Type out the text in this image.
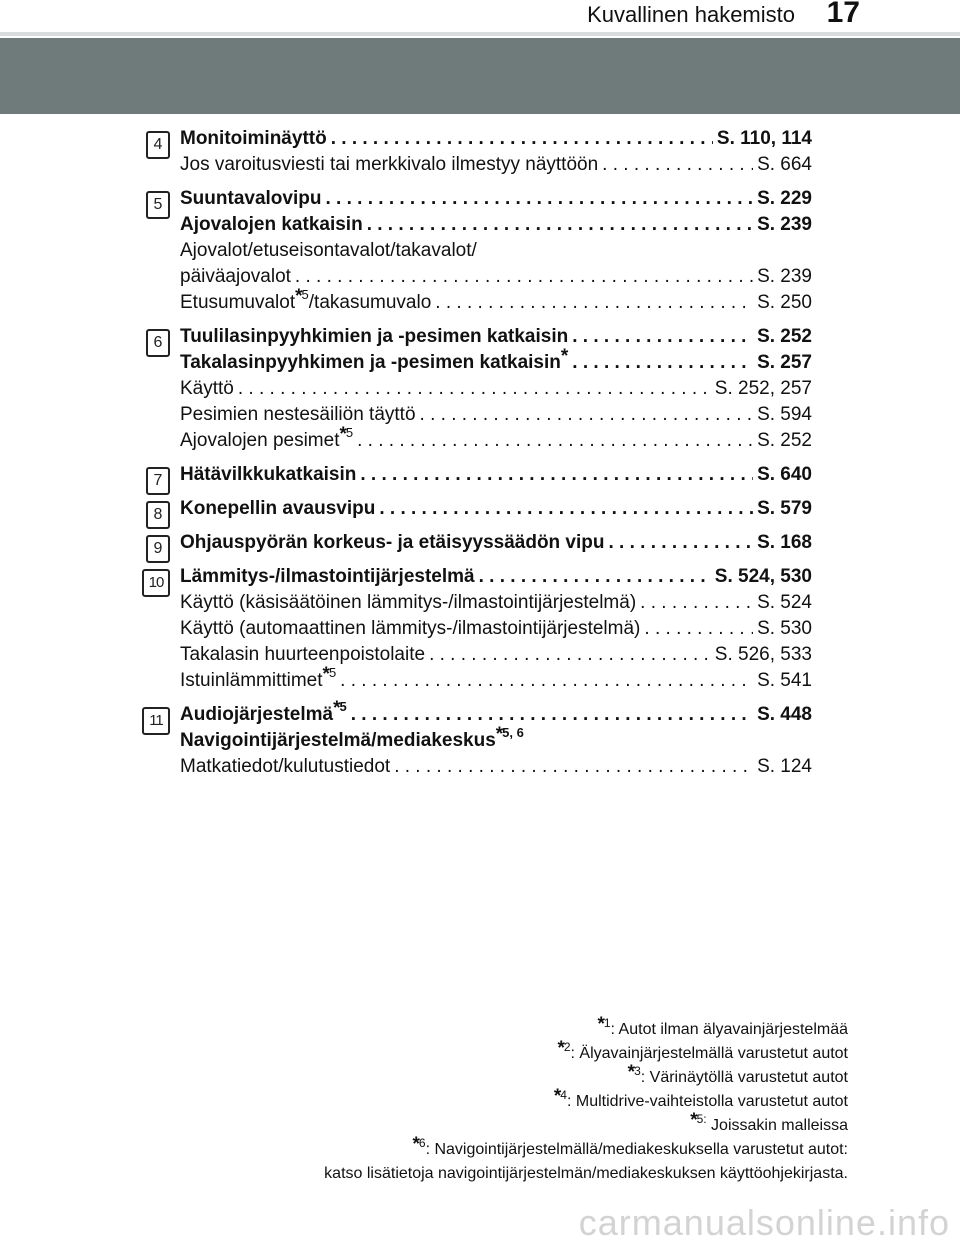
Kuvallinen hakemisto 17
4 Monitoiminäyttö . . .	S. 110, 114
Jos varoitusviesti tai merkkivalo ilmestyy näyttöön . . .	S. 664
5 Suuntavalovipu . . .	S. 229
Ajovalojen katkaisin . . .	S. 239
Ajovalot/etuseisontavalot/takavalot/
päiväajovalot . . .	S. 239
Etusumuvalot$^{*5}$/takasumuvalo . . .	S. 250
6 Tuulilasinpyyhkimien ja -pesimen katkaisin . . .	S. 252
Takalasinpyyhkimen ja -pesimen katkaisin* . . .	S. 257
Käyttö . . .	S. 252, 257
Pesimien nestesäiliön täyttö . . .	S. 594
Ajovalojen pesimet$^{*5}$ . . .	S. 252
7 Hätävilkkukatkaisin . . .	S. 640
8 Konepellin avausvipu . . .	S. 579
9 Ohjauspyörän korkeus- ja etäisyyssäädön vipu . . .	S. 168
10 Lämmitys-/ilmastointijärjestelmä . . .	S. 524, 530
Käyttö (käsisäätöinen lämmitys-/ilmastointijärjestelmä) . . .	S. 524
Käyttö (automaattinen lämmitys-/ilmastointijärjestelmä) . . .	S. 530
Takalasin huurteenpoistolaite . . .	S. 526, 533
Istuinlämmittimet$^{*5}$ . . .	S. 541
11 Audiojärjestelmä$^{*5}$ . . .	S. 448
Navigointijärjestelmä/mediakeskus$^{*5, 6}$
Matkatiedot/kulutustiedot . . .	S. 124
$^{*1}$: Autot ilman älyavainjärjestelmää
$^{*2}$: Älyavainjärjestelmällä varustetut autot
$^{*3}$: Värinäytöllä varustetut autot
$^{*4}$: Multidrive-vaihteistolla varustetut autot
$^{*5:}$ Joissakin malleissa
$^{*6}$: Navigointijärjestelmällä/mediakeskuksella varustetut autot:
katso lisätietoja navigointijärjestelmän/mediakeskuksen käyttöohjekirjasta.
carmanualsonline.info
